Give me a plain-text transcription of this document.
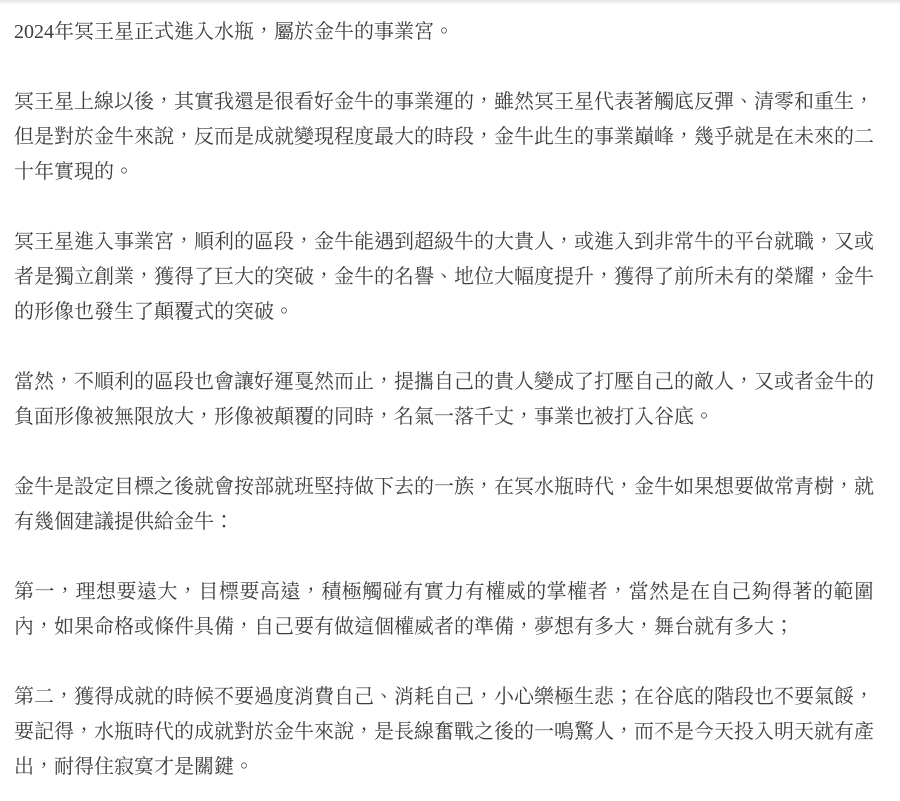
2024年冥王星正式進入水瓶，屬於金牛的事業宮。

冥王星上線以後，其實我還是很看好金牛的事業運的，雖然冥王星代表著觸底反彈、清零和重生，但是對於金牛來說，反而是成就變現程度最大的時段，金牛此生的事業巔峰，幾乎就是在未來的二十年實現的。

冥王星進入事業宮，順利的區段，金牛能遇到超級牛的大貴人，或進入到非常牛的平台就職，又或者是獨立創業，獲得了巨大的突破，金牛的名譽、地位大幅度提升，獲得了前所未有的榮耀，金牛的形像也發生了顛覆式的突破。

當然，不順利的區段也會讓好運戛然而止，提攜自己的貴人變成了打壓自己的敵人，又或者金牛的負面形像被無限放大，形像被顛覆的同時，名氣一落千丈，事業也被打入谷底。

金牛是設定目標之後就會按部就班堅持做下去的一族，在冥水瓶時代，金牛如果想要做常青樹，就有幾個建議提供給金牛：

第一，理想要遠大，目標要高遠，積極觸碰有實力有權威的掌權者，當然是在自己夠得著的範圍內，如果命格或條件具備，自己要有做這個權威者的準備，夢想有多大，舞台就有多大；

第二，獲得成就的時候不要過度消費自己、消耗自己，小心樂極生悲；在谷底的階段也不要氣餒，要記得，水瓶時代的成就對於金牛來說，是長線奮戰之後的一鳴驚人，而不是今天投入明天就有產出，耐得住寂寞才是關鍵。
